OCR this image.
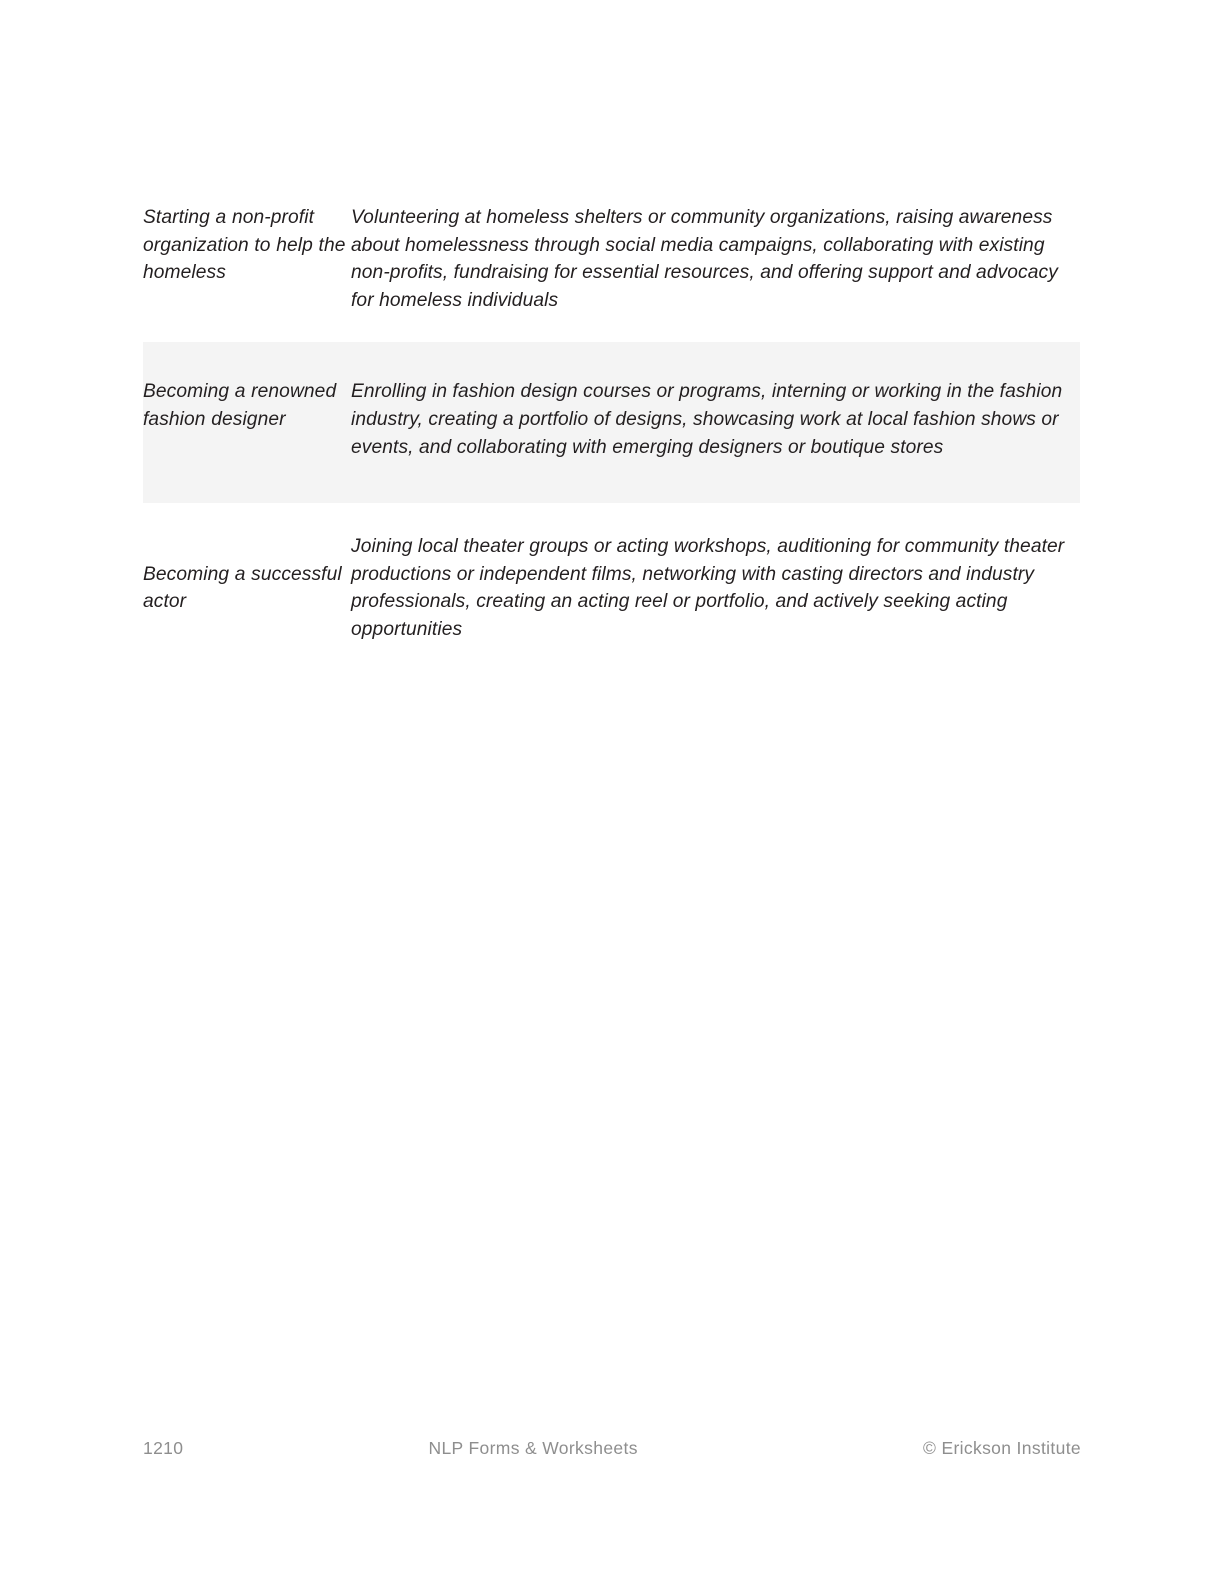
Starting a non-profit organization to help the homeless	Volunteering at homeless shelters or community organizations, raising awareness about homelessness through social media campaigns, collaborating with existing non-profits, fundraising for essential resources, and offering support and advocacy for homeless individuals

Becoming a renowned fashion designer	Enrolling in fashion design courses or programs, interning or working in the fashion industry, creating a portfolio of designs, showcasing work at local fashion shows or events, and collaborating with emerging designers or boutique stores

Becoming a successful actor	Joining local theater groups or acting workshops, auditioning for community theater productions or independent films, networking with casting directors and industry professionals, creating an acting reel or portfolio, and actively seeking acting opportunities

1210	NLP Forms & Worksheets	© Erickson Institute
